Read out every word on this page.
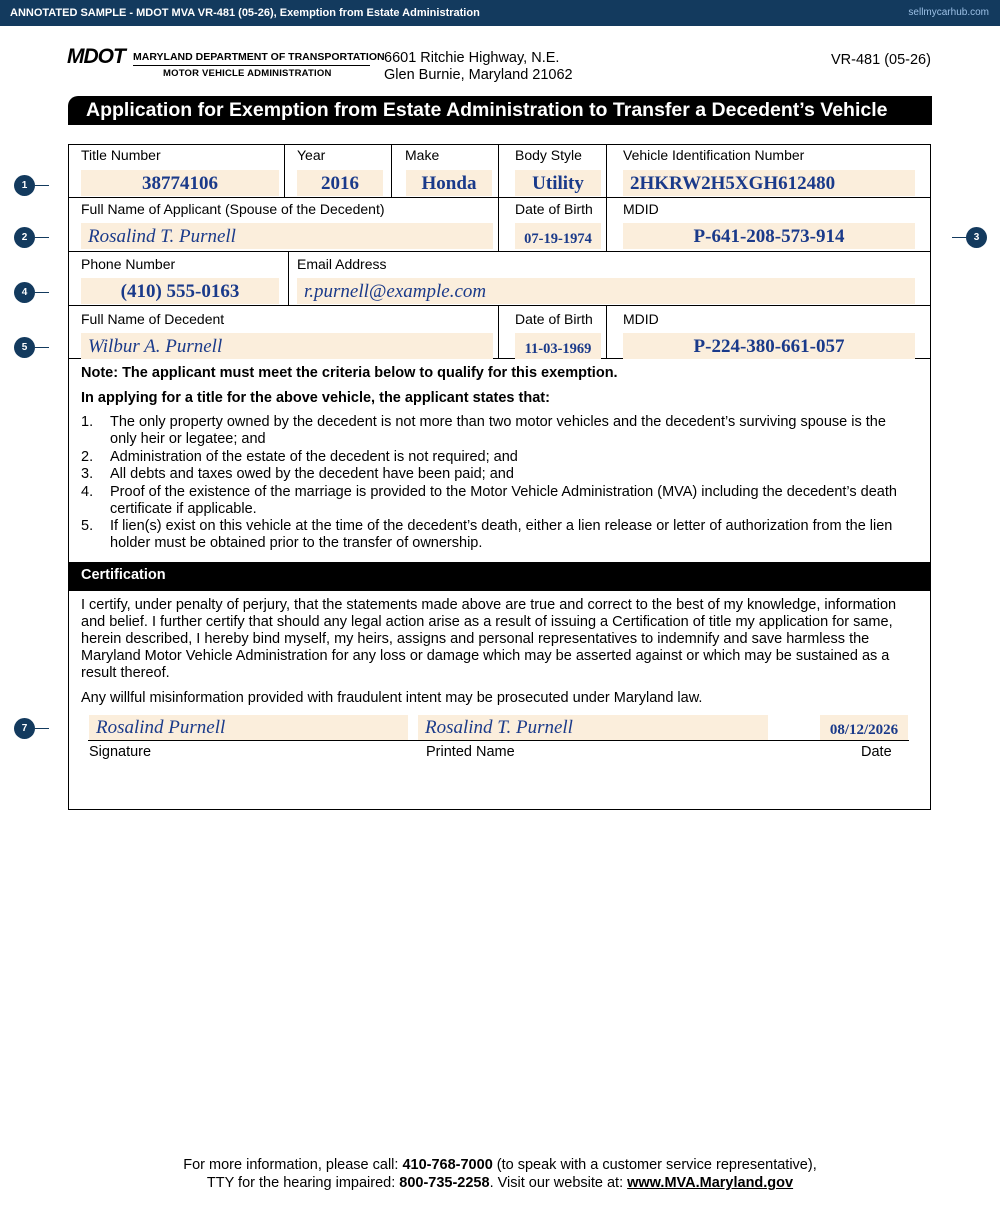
ANNOTATED SAMPLE - MDOT MVA VR-481 (05-26), Exemption from Estate Administration	sellmycarhub.com
MDOT MARYLAND DEPARTMENT OF TRANSPORTATION
MOTOR VEHICLE ADMINISTRATION
6601 Ritchie Highway, N.E.
Glen Burnie, Maryland 21062
VR-481 (05-26)
Application for Exemption from Estate Administration to Transfer a Decedent’s Vehicle
Title Number
38774106
Year
2016
Make
Honda
Body Style
Utility
Vehicle Identification Number
2HKRW2H5XGH612480
Full Name of Applicant (Spouse of the Decedent)
Rosalind T. Purnell
Date of Birth
07-19-1974
MDID
P-641-208-573-914
Phone Number
(410) 555-0163
Email Address
r.purnell@example.com
Full Name of Decedent
Wilbur A. Purnell
Date of Birth
11-03-1969
MDID
P-224-380-661-057
1
2	3
4
5
7
Note: The applicant must meet the criteria below to qualify for this exemption.
In applying for a title for the above vehicle, the applicant states that:
1. The only property owned by the decedent is not more than two motor vehicles and the decedent’s surviving spouse is the only heir or legatee; and
2. Administration of the estate of the decedent is not required; and
3. All debts and taxes owed by the decedent have been paid; and
4. Proof of the existence of the marriage is provided to the Motor Vehicle Administration (MVA) including the decedent’s death certificate if applicable.
5. If lien(s) exist on this vehicle at the time of the decedent’s death, either a lien release or letter of authorization from the lien holder must be obtained prior to the transfer of ownership.
Certification
I certify, under penalty of perjury, that the statements made above are true and correct to the best of my knowledge, information and belief. I further certify that should any legal action arise as a result of issuing a Certification of title my application for same, herein described, I hereby bind myself, my heirs, assigns and personal representatives to indemnify and save harmless the Maryland Motor Vehicle Administration for any loss or damage which may be asserted against or which may be sustained as a result thereof.
Any willful misinformation provided with fraudulent intent may be prosecuted under Maryland law.
Rosalind Purnell	Rosalind T. Purnell	08/12/2026
Signature	Printed Name	Date
For more information, please call: 410-768-7000 (to speak with a customer service representative),
TTY for the hearing impaired: 800-735-2258. Visit our website at: www.MVA.Maryland.gov
